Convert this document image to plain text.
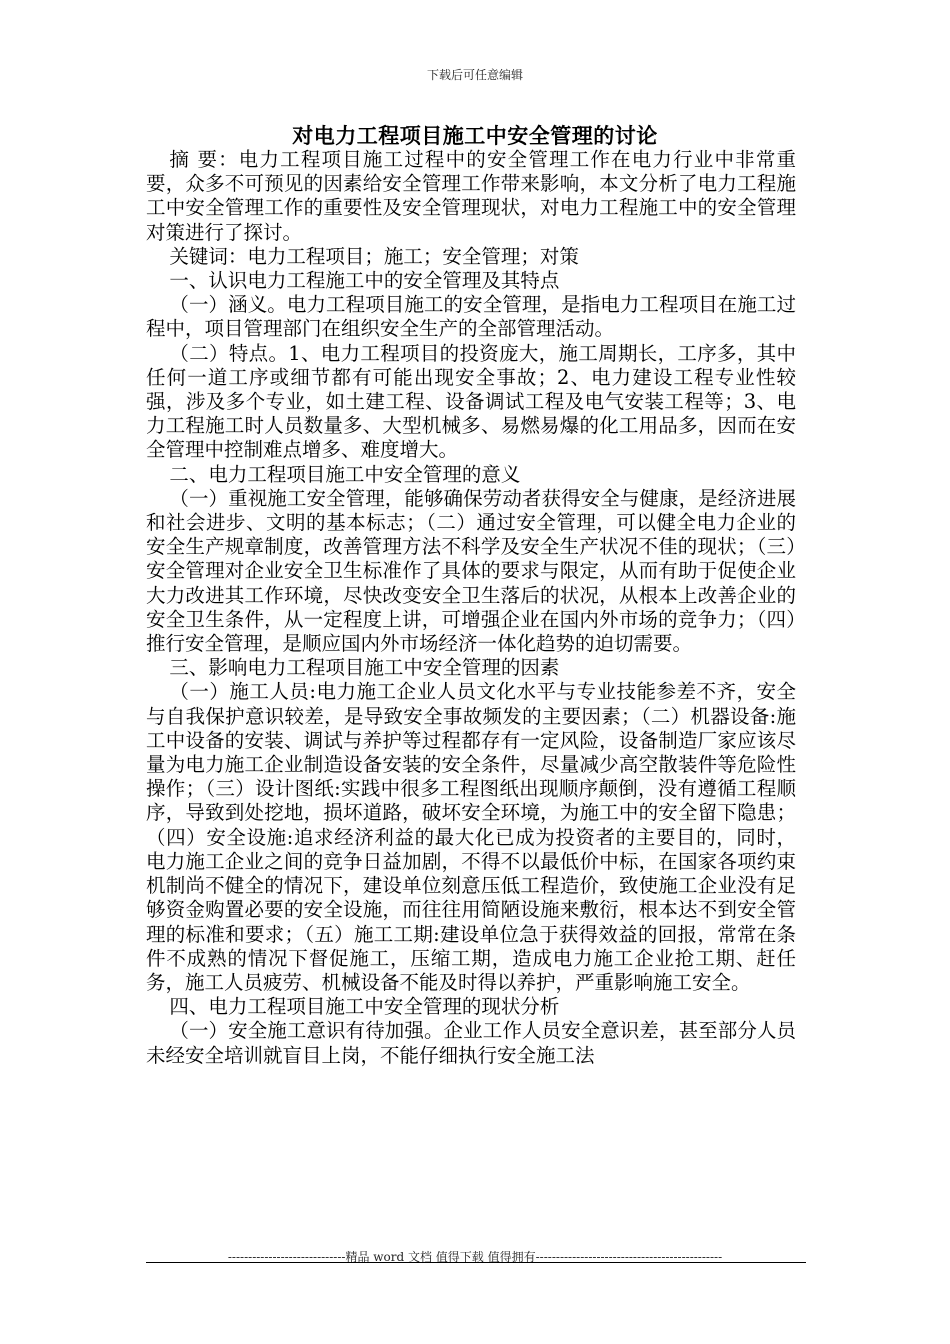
下载后可任意编辑
对电力工程项目施工中安全管理的讨论

摘 要：电力工程项目施工过程中的安全管理工作在电力行业中非常重要，众多不可预见的因素给安全管理工作带来影响，本文分析了电力工程施工中安全管理工作的重要性及安全管理现状，对电力工程施工中的安全管理对策进行了探讨。

关键词：电力工程项目；施工；安全管理；对策

一、认识电力工程施工中的安全管理及其特点

（一）涵义。电力工程项目施工的安全管理，是指电力工程项目在施工过程中，项目管理部门在组织安全生产的全部管理活动。

（二）特点。1、电力工程项目的投资庞大，施工周期长，工序多，其中任何一道工序或细节都有可能出现安全事故；2、电力建设工程专业性较强，涉及多个专业，如土建工程、设备调试工程及电气安装工程等；3、电力工程施工时人员数量多、大型机械多、易燃易爆的化工用品多，因而在安全管理中控制难点增多、难度增大。

二、电力工程项目施工中安全管理的意义

（一）重视施工安全管理，能够确保劳动者获得安全与健康，是经济进展和社会进步、文明的基本标志；（二）通过安全管理，可以健全电力企业的安全生产规章制度，改善管理方法不科学及安全生产状况不佳的现状；（三）安全管理对企业安全卫生标准作了具体的要求与限定，从而有助于促使企业大力改进其工作环境，尽快改变安全卫生落后的状况，从根本上改善企业的安全卫生条件，从一定程度上讲，可增强企业在国内外市场的竞争力；（四）推行安全管理，是顺应国内外市场经济一体化趋势的迫切需要。

三、影响电力工程项目施工中安全管理的因素

（一）施工人员:电力施工企业人员文化水平与专业技能参差不齐，安全与自我保护意识较差，是导致安全事故频发的主要因素；（二）机器设备:施工中设备的安装、调试与养护等过程都存有一定风险，设备制造厂家应该尽量为电力施工企业制造设备安装的安全条件，尽量减少高空散装件等危险性操作；（三）设计图纸:实践中很多工程图纸出现顺序颠倒，没有遵循工程顺序，导致到处挖地，损坏道路，破坏安全环境，为施工中的安全留下隐患；（四）安全设施:追求经济利益的最大化已成为投资者的主要目的，同时，电力施工企业之间的竞争日益加剧，不得不以最低价中标，在国家各项约束机制尚不健全的情况下，建设单位刻意压低工程造价，致使施工企业没有足够资金购置必要的安全设施，而往往用简陋设施来敷衍，根本达不到安全管理的标准和要求；（五）施工工期:建设单位急于获得效益的回报，常常在条件不成熟的情况下督促施工，压缩工期，造成电力施工企业抢工期、赶任务，施工人员疲劳、机械设备不能及时得以养护，严重影响施工安全。

四、电力工程项目施工中安全管理的现状分析

（一）安全施工意识有待加强。企业工作人员安全意识差，甚至部分人员未经安全培训就盲目上岗，不能仔细执行安全施工法

-----------------------------精品 word 文档 值得下载 值得拥有----------------------------------------------
